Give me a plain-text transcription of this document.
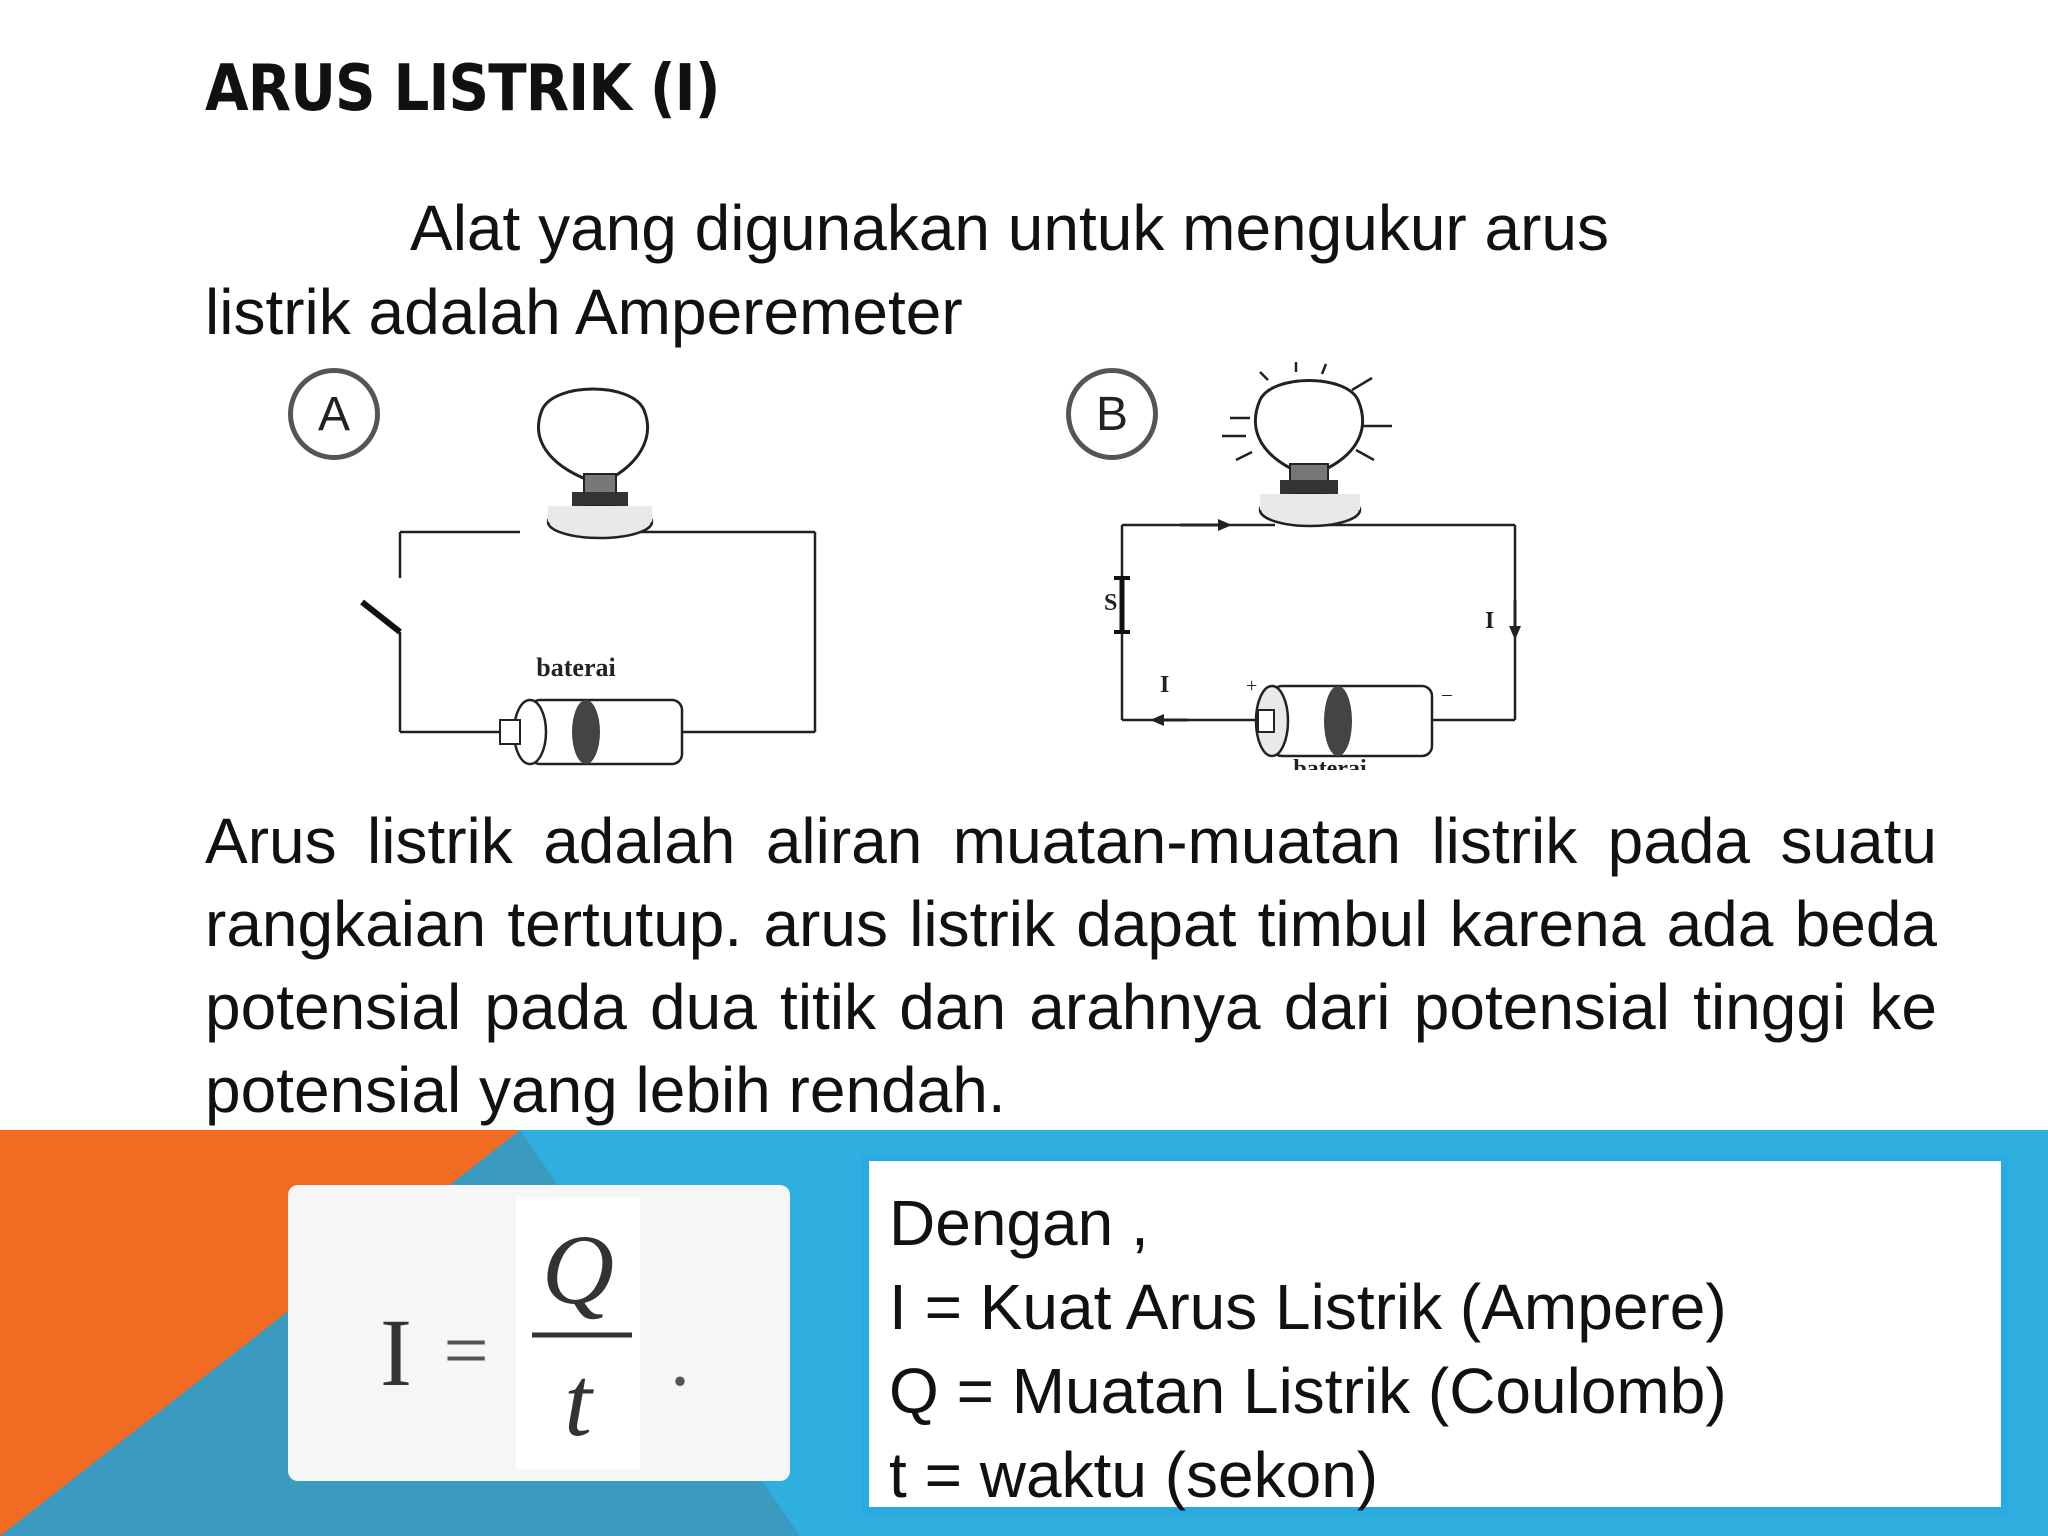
ARUS LISTRIK (I)
Alat yang digunakan untuk mengukur arus
listrik adalah Amperemeter
A
baterai
B
S
I
I	+	–
baterai
Arus listrik adalah aliran muatan-muatan listrik pada suatu rangkaian tertutup. arus listrik dapat timbul karena ada beda potensial pada dua titik dan arahnya dari potensial tinggi ke potensial yang lebih rendah.
I =
Q
t .
Dengan ,
I = Kuat Arus Listrik (Ampere)
Q = Muatan Listrik (Coulomb)
t = waktu (sekon)
